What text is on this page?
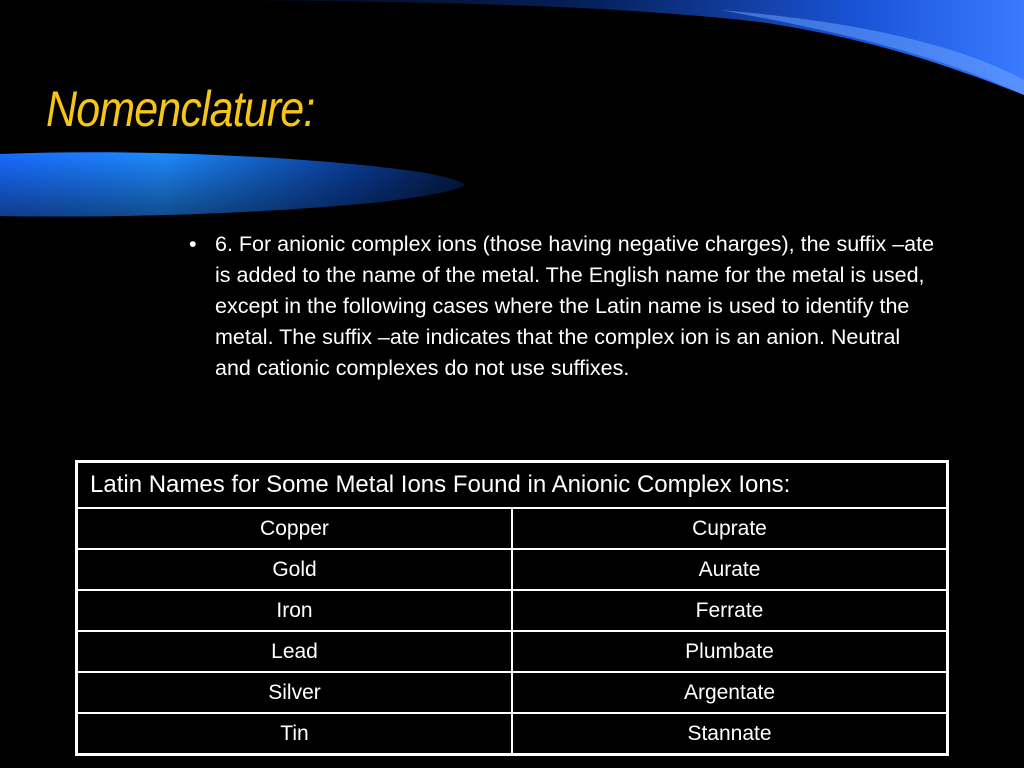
Nomenclature:
• 6. For anionic complex ions (those having negative charges), the suffix –ate is added to the name of the metal. The English name for the metal is used, except in the following cases where the Latin name is used to identify the metal. The suffix –ate indicates that the complex ion is an anion. Neutral and cationic complexes do not use suffixes.
Latin Names for Some Metal Ions Found in Anionic Complex Ions:	
Copper	Cuprate
Gold	Aurate
Iron	Ferrate
Lead	Plumbate
Silver	Argentate
Tin	Stannate
